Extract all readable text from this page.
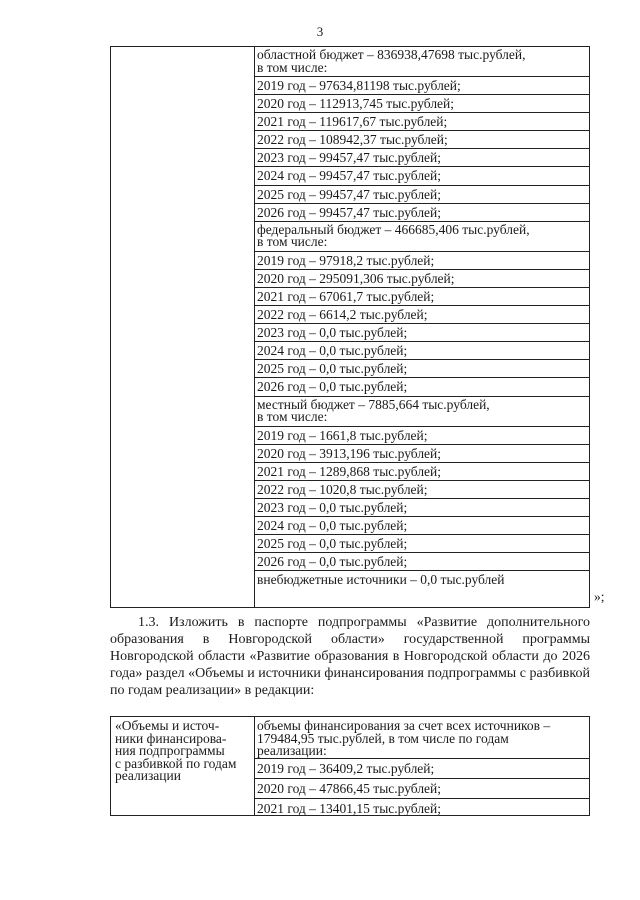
3
областной бюджет – 836938,47698 тыс.рублей,
в том числе:
2019 год – 97634,81198 тыс.рублей;
2020 год – 112913,745 тыс.рублей;
2021 год – 119617,67 тыс.рублей;
2022 год – 108942,37 тыс.рублей;
2023 год – 99457,47 тыс.рублей;
2024 год – 99457,47 тыс.рублей;
2025 год – 99457,47 тыс.рублей;
2026 год – 99457,47 тыс.рублей;
федеральный бюджет – 466685,406 тыс.рублей,
в том числе:
2019 год – 97918,2 тыс.рублей;
2020 год – 295091,306 тыс.рублей;
2021 год – 67061,7 тыс.рублей;
2022 год – 6614,2 тыс.рублей;
2023 год – 0,0 тыс.рублей;
2024 год – 0,0 тыс.рублей;
2025 год – 0,0 тыс.рублей;
2026 год – 0,0 тыс.рублей;
местный бюджет – 7885,664 тыс.рублей,
в том числе:
2019 год – 1661,8 тыс.рублей;
2020 год – 3913,196 тыс.рублей;
2021 год – 1289,868 тыс.рублей;
2022 год – 1020,8 тыс.рублей;
2023 год – 0,0 тыс.рублей;
2024 год – 0,0 тыс.рублей;
2025 год – 0,0 тыс.рублей;
2026 год – 0,0 тыс.рублей;
внебюджетные источники – 0,0 тыс.рублей
»;
1.3. Изложить в паспорте подпрограммы «Развитие дополнительного образования в Новгородской области» государственной программы Новгородской области «Развитие образования в Новгородской области до 2026 года» раздел «Объемы и источники финансирования подпрограммы с разбивкой по годам реализации» в редакции:
«Объемы и источ-
ники финансирова-
ния подпрограммы
с разбивкой по годам
реализации
объемы финансирования за счет всех источников –
179484,95 тыс.рублей, в том числе по годам
реализации:
2019 год – 36409,2 тыс.рублей;
2020 год – 47866,45 тыс.рублей;
2021 год – 13401,15 тыс.рублей;
